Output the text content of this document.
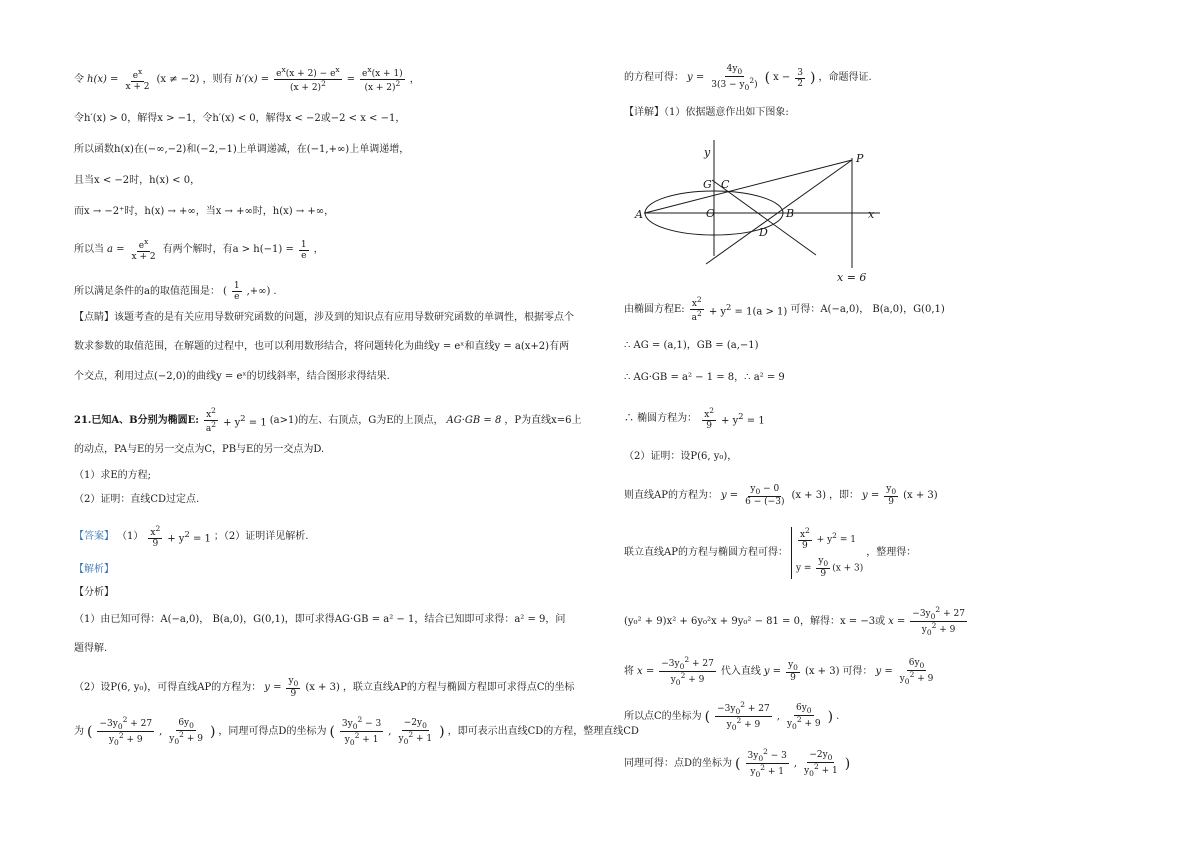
令 $h(x) = \frac{e^x}{x + 2} (x \ne -2)$ ，则有 $h'(x) = \frac{e^x(x + 2) - e^x}{(x + 2)^2} = \frac{e^x(x + 1)}{(x + 2)^2}$ ，
令h′(x) > 0，解得x > −1，令h′(x) < 0，解得x < −2或−2 < x < −1，
所以函数h(x)在(−∞,−2)和(−2,−1)上单调递减，在(−1,+∞)上单调递增，
且当x < −2时，h(x) < 0，
而x → −2⁺时，h(x) → +∞，当x → +∞时，h(x) → +∞，
所以当 $a = \frac{e^x}{x + 2}$ 有两个解时，有$a > h(-1) = \frac{1}{e}$ ，
所以满足条件的a的取值范围是： ( $\frac{1}{e}$ ,+∞) .
【点睛】该题考查的是有关应用导数研究函数的问题，涉及到的知识点有应用导数研究函数的单调性，根据零点个
数求参数的取值范围，在解题的过程中，也可以利用数形结合，将问题转化为曲线y = eˣ和直线y = a(x+2)有两
个交点，利用过点(−2,0)的曲线y = eˣ的切线斜率，结合图形求得结果.
21.已知A、B分别为椭圆E: $\frac{x^2}{a^2} + y^2 = 1$ (a>1)的左、右顶点，G为E的上顶点， AG·GB = 8 ，P为直线x=6上
的动点，PA与E的另一交点为C，PB与E的另一交点为D.
（1）求E的方程;
（2）证明：直线CD过定点.
【答案】 $(1) \frac{x^2}{9} + y^2 = 1$ ；（2）证明详见解析.
【解析】
【分析】
（1）由已知可得：A(−a,0)， B(a,0)，G(0,1)，即可求得AG·GB = a² − 1，结合已知即可求得：a² = 9，问
题得解.
（2）设P(6, y₀)，可得直线AP的方程为： $y = \frac{y_0}{9} (x + 3)$ ，联立直线AP的方程与椭圆方程即可求得点C的坐标
为 ( $\frac{-3y_0^2 + 27}{y_0^2 + 9}$ , $\frac{6y_0}{y_0^2 + 9}$ ) ，同理可得点D的坐标为 ( $\frac{3y_0^2 - 3}{y_0^2 + 1}$ , $\frac{-2y_0}{y_0^2 + 1}$ ) ，即可表示出直线CD的方程，整理直线CD
的方程可得： $y = \frac{4y_0}{3(3 - y_0^2)}$ ( $x - \frac{3}{2}$ ) ，命题得证.
【详解】（1）依据题意作出如下图象:
y
x
O
A	B
C
G
D
P
x = 6
由椭圆方程E: $\frac{x^2}{a^2} + y^2 = 1(a > 1)$ 可得：A(−a,0)， B(a,0)，G(0,1)
∴ AG = (a,1)，GB = (a,−1)
∴ AG·GB = a² − 1 = 8，∴ a² = 9
∴ 椭圆方程为： $\frac{x^2}{9} + y^2 = 1$
（2）证明：设P(6, y₀)，
则直线AP的方程为： $y = \frac{y_0 - 0}{6 - (-3)} (x + 3)$ ，即： $y = \frac{y_0}{9} (x + 3)$
联立直线AP的方程与椭圆方程可得：
$\frac{x^2}{9} + y^2 = 1$
$y = \frac{y_0}{9} (x + 3)$
，整理得：
(y₀² + 9)x² + 6y₀²x + 9y₀² − 81 = 0，解得：x = −3或 $x = \frac{-3y_0^2 + 27}{y_0^2 + 9}$
将 $x = \frac{-3y_0^2 + 27}{y_0^2 + 9}$ 代入直线 $y = \frac{y_0}{9} (x + 3)$ 可得： $y = \frac{6y_0}{y_0^2 + 9}$
所以点C的坐标为 ( $\frac{-3y_0^2 + 27}{y_0^2 + 9}$ , $\frac{6y_0}{y_0^2 + 9}$ ) .
同理可得：点D的坐标为 ( $\frac{3y_0^2 - 3}{y_0^2 + 1}$ , $\frac{-2y_0}{y_0^2 + 1}$ )
